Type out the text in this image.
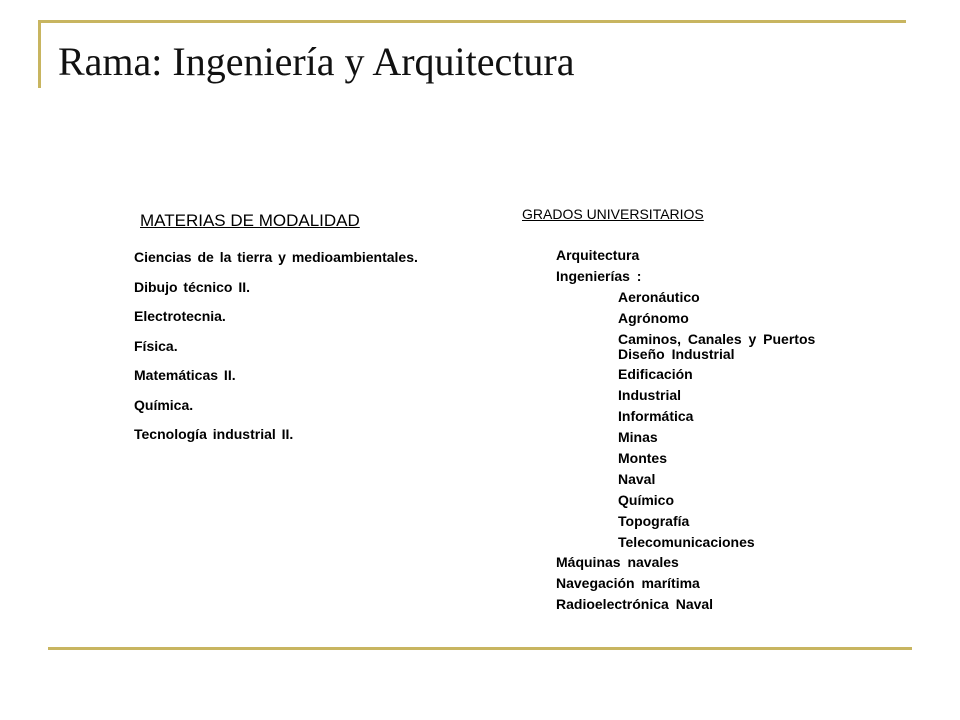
Rama: Ingeniería y Arquitectura
MATERIAS DE MODALIDAD
Ciencias de la tierra y medioambientales.
Dibujo técnico II.
Electrotecnia.
Física.
Matemáticas II.
Química.
Tecnología industrial II.
GRADOS UNIVERSITARIOS
Arquitectura
Ingenierías :
Aeronáutico
Agrónomo
Caminos, Canales y Puertos
Diseño Industrial
Edificación
Industrial
Informática
Minas
Montes
Naval
Químico
Topografía
Telecomunicaciones
Máquinas navales
Navegación marítima
Radioelectrónica Naval
